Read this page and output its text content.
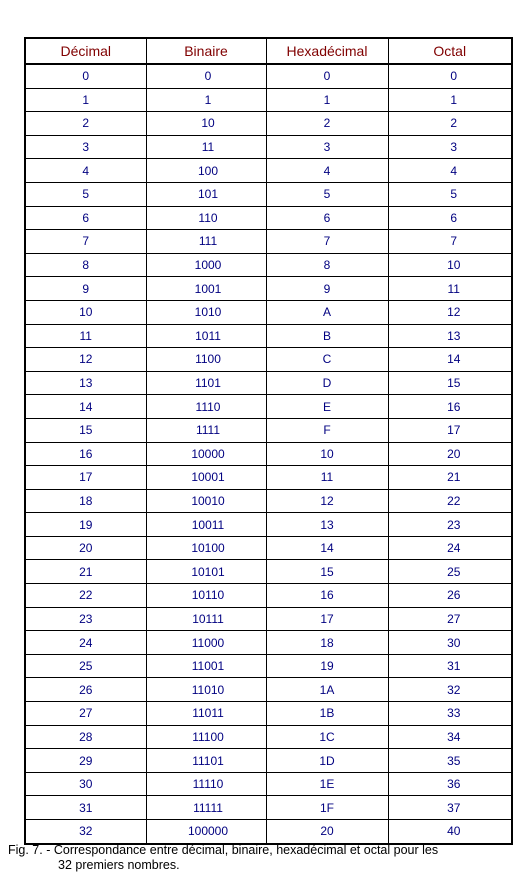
Décimal	Binaire	Hexadécimal	Octal
0	0	0	0
1	1	1	1
2	10	2	2
3	11	3	3
4	100	4	4
5	101	5	5
6	110	6	6
7	111	7	7
8	1000	8	10
9	1001	9	11
10	1010	A	12
11	1011	B	13
12	1100	C	14
13	1101	D	15
14	1110	E	16
15	1111	F	17
16	10000	10	20
17	10001	11	21
18	10010	12	22
19	10011	13	23
20	10100	14	24
21	10101	15	25
22	10110	16	26
23	10111	17	27
24	11000	18	30
25	11001	19	31
26	11010	1A	32
27	11011	1B	33
28	11100	1C	34
29	11101	1D	35
30	11110	1E	36
31	11111	1F	37
32	100000	20	40
Fig. 7. - Correspondance entre décimal, binaire, hexadécimal et octal pour les
32 premiers nombres.
